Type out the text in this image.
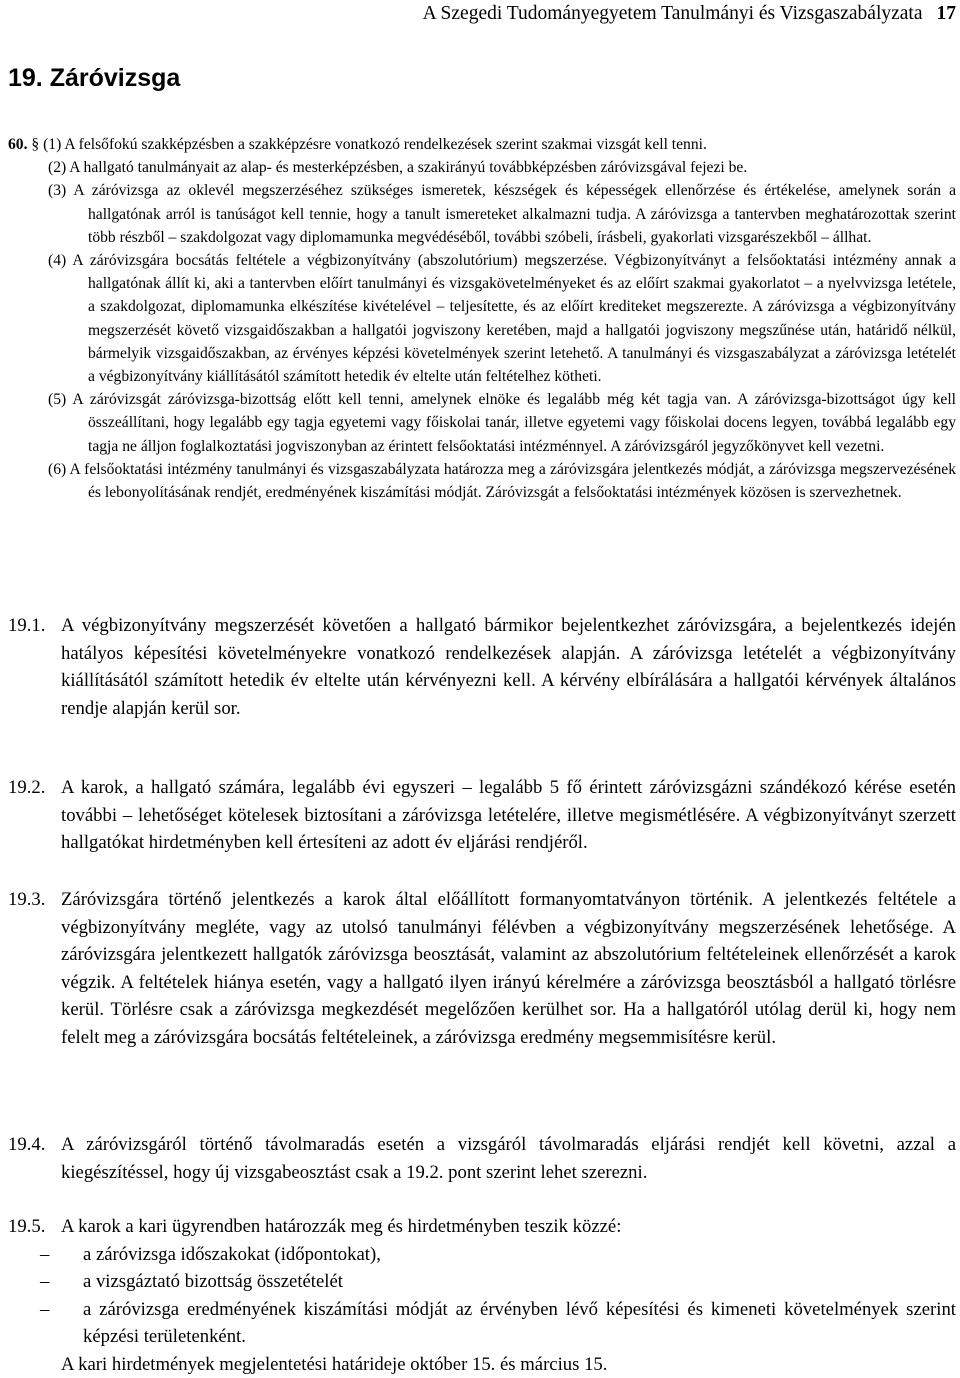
A Szegedi Tudományegyetem Tanulmányi és Vizsgaszabályzata 17
19. Záróvizsga

60. § (1) A felsőfokú szakképzésben a szakképzésre vonatkozó rendelkezések szerint szakmai vizsgát kell tenni.

(2) A hallgató tanulmányait az alap- és mesterképzésben, a szakirányú továbbképzésben záróvizsgával fejezi be.

(3) A záróvizsga az oklevél megszerzéséhez szükséges ismeretek, készségek és képességek ellenőrzése és értékelése, amelynek során a hallgatónak arról is tanúságot kell tennie, hogy a tanult ismereteket alkalmazni tudja. A záróvizsga a tantervben meghatározottak szerint több részből – szakdolgozat vagy diplomamunka megvédéséből, további szóbeli, írásbeli, gyakorlati vizsgarészekből – állhat.

(4) A záróvizsgára bocsátás feltétele a végbizonyítvány (abszolutórium) megszerzése. Végbizonyítványt a felsőoktatási intézmény annak a hallgatónak állít ki, aki a tantervben előírt tanulmányi és vizsgakövetelményeket és az előírt szakmai gyakorlatot – a nyelvvizsga letétele, a szakdolgozat, diplomamunka elkészítése kivételével – teljesítette, és az előírt krediteket megszerezte. A záróvizsga a végbizonyítvány megszerzését követő vizsgaidőszakban a hallgatói jogviszony keretében, majd a hallgatói jogviszony megszűnése után, határidő nélkül, bármelyik vizsgaidőszakban, az érvényes képzési követelmények szerint letehető. A tanulmányi és vizsgaszabályzat a záróvizsga letételét a végbizonyítvány kiállításától számított hetedik év eltelte után feltételhez kötheti.

(5) A záróvizsgát záróvizsga-bizottság előtt kell tenni, amelynek elnöke és legalább még két tagja van. A záróvizsga-bizottságot úgy kell összeállítani, hogy legalább egy tagja egyetemi vagy főiskolai tanár, illetve egyetemi vagy főiskolai docens legyen, továbbá legalább egy tagja ne álljon foglalkoztatási jogviszonyban az érintett felsőoktatási intézménnyel. A záróvizsgáról jegyzőkönyvet kell vezetni.

(6) A felsőoktatási intézmény tanulmányi és vizsgaszabályzata határozza meg a záróvizsgára jelentkezés módját, a záróvizsga megszervezésének és lebonyolításának rendjét, eredményének kiszámítási módját. Záróvizsgát a felsőoktatási intézmények közösen is szervezhetnek.

19.1. A végbizonyítvány megszerzését követően a hallgató bármikor bejelentkezhet záróvizsgára, a bejelentkezés idején hatályos képesítési követelményekre vonatkozó rendelkezések alapján. A záróvizsga letételét a végbizonyítvány kiállításától számított hetedik év eltelte után kérvényezni kell. A kérvény elbírálására a hallgatói kérvények általános rendje alapján kerül sor.
19.2. A karok, a hallgató számára, legalább évi egyszeri – legalább 5 fő érintett záróvizsgázni szándékozó kérése esetén további – lehetőséget kötelesek biztosítani a záróvizsga letételére, illetve megismétlésére. A végbizonyítványt szerzett hallgatókat hirdetményben kell értesíteni az adott év eljárási rendjéről.
19.3. Záróvizsgára történő jelentkezés a karok által előállított formanyomtatványon történik. A jelentkezés feltétele a végbizonyítvány megléte, vagy az utolsó tanulmányi félévben a végbizonyítvány megszerzésének lehetősége. A záróvizsgára jelentkezett hallgatók záróvizsga beosztását, valamint az abszolutórium feltételeinek ellenőrzését a karok végzik. A feltételek hiánya esetén, vagy a hallgató ilyen irányú kérelmére a záróvizsga beosztásból a hallgató törlésre kerül. Törlésre csak a záróvizsga megkezdését megelőzően kerülhet sor. Ha a hallgatóról utólag derül ki, hogy nem felelt meg a záróvizsgára bocsátás feltételeinek, a záróvizsga eredmény megsemmisítésre kerül.
19.4. A záróvizsgáról történő távolmaradás esetén a vizsgáról távolmaradás eljárási rendjét kell követni, azzal a kiegészítéssel, hogy új vizsgabeosztást csak a 19.2. pont szerint lehet szerezni.
19.5. A karok a kari ügyrendben határozzák meg és hirdetményben teszik közzé:
– a záróvizsga időszakokat (időpontokat),
– a vizsgáztató bizottság összetételét
– a záróvizsga eredményének kiszámítási módját az érvényben lévő képesítési és kimeneti követelmények szerint képzési területenként.
A kari hirdetmények megjelentetési határideje október 15. és március 15.
